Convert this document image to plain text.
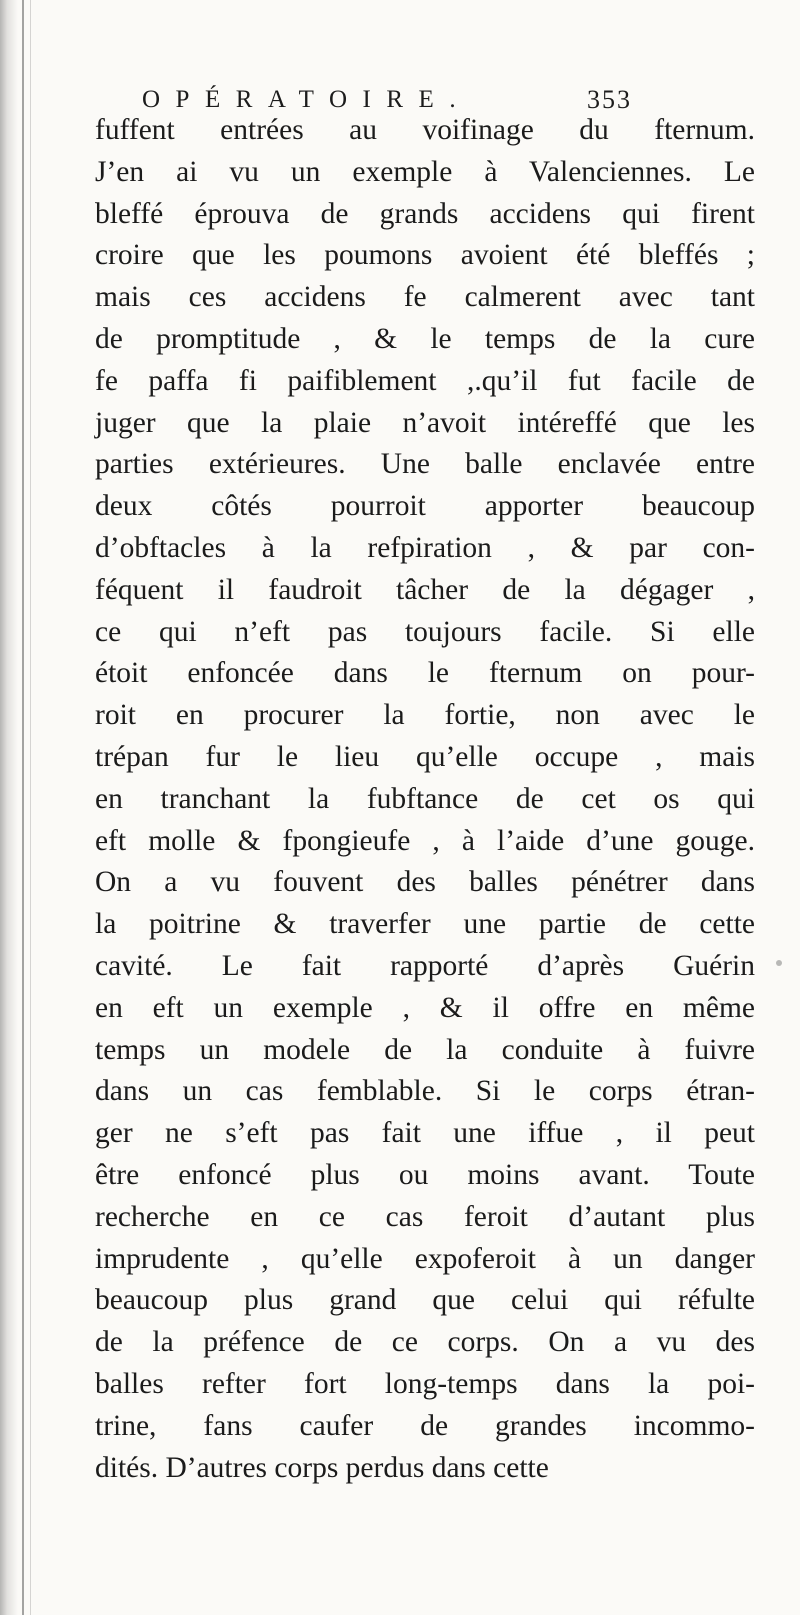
OPÉRATOIRE.	353
fuffent entrées au voifinage du fternum.
J’en ai vu un exemple à Valenciennes. Le
bleffé éprouva de grands accidens qui firent
croire que les poumons avoient été bleffés ;
mais ces accidens fe calmerent avec tant
de promptitude , & le temps de la cure
fe paffa fi paifiblement ,.qu’il fut facile de
juger que la plaie n’avoit intéreffé que les
parties extérieures. Une balle enclavée entre
deux côtés pourroit apporter beaucoup
d’obftacles à la refpiration , & par con-
féquent il faudroit tâcher de la dégager ,
ce qui n’eft pas toujours facile. Si elle
étoit enfoncée dans le fternum on pour-
roit en procurer la fortie, non avec le
trépan fur le lieu qu’elle occupe , mais
en tranchant la fubftance de cet os qui
eft molle & fpongieufe , à l’aide d’une gouge.
On a vu fouvent des balles pénétrer dans
la poitrine & traverfer une partie de cette
cavité. Le fait rapporté d’après Guérin
en eft un exemple , & il offre en même
temps un modele de la conduite à fuivre
dans un cas femblable. Si le corps étran-
ger ne s’eft pas fait une iffue , il peut
être enfoncé plus ou moins avant. Toute
recherche en ce cas feroit d’autant plus
imprudente , qu’elle expoferoit à un danger
beaucoup plus grand que celui qui réfulte
de la préfence de ce corps. On a vu des
balles refter fort long-temps dans la poi-
trine, fans caufer de grandes incommo-
dités. D’autres corps perdus dans cette
